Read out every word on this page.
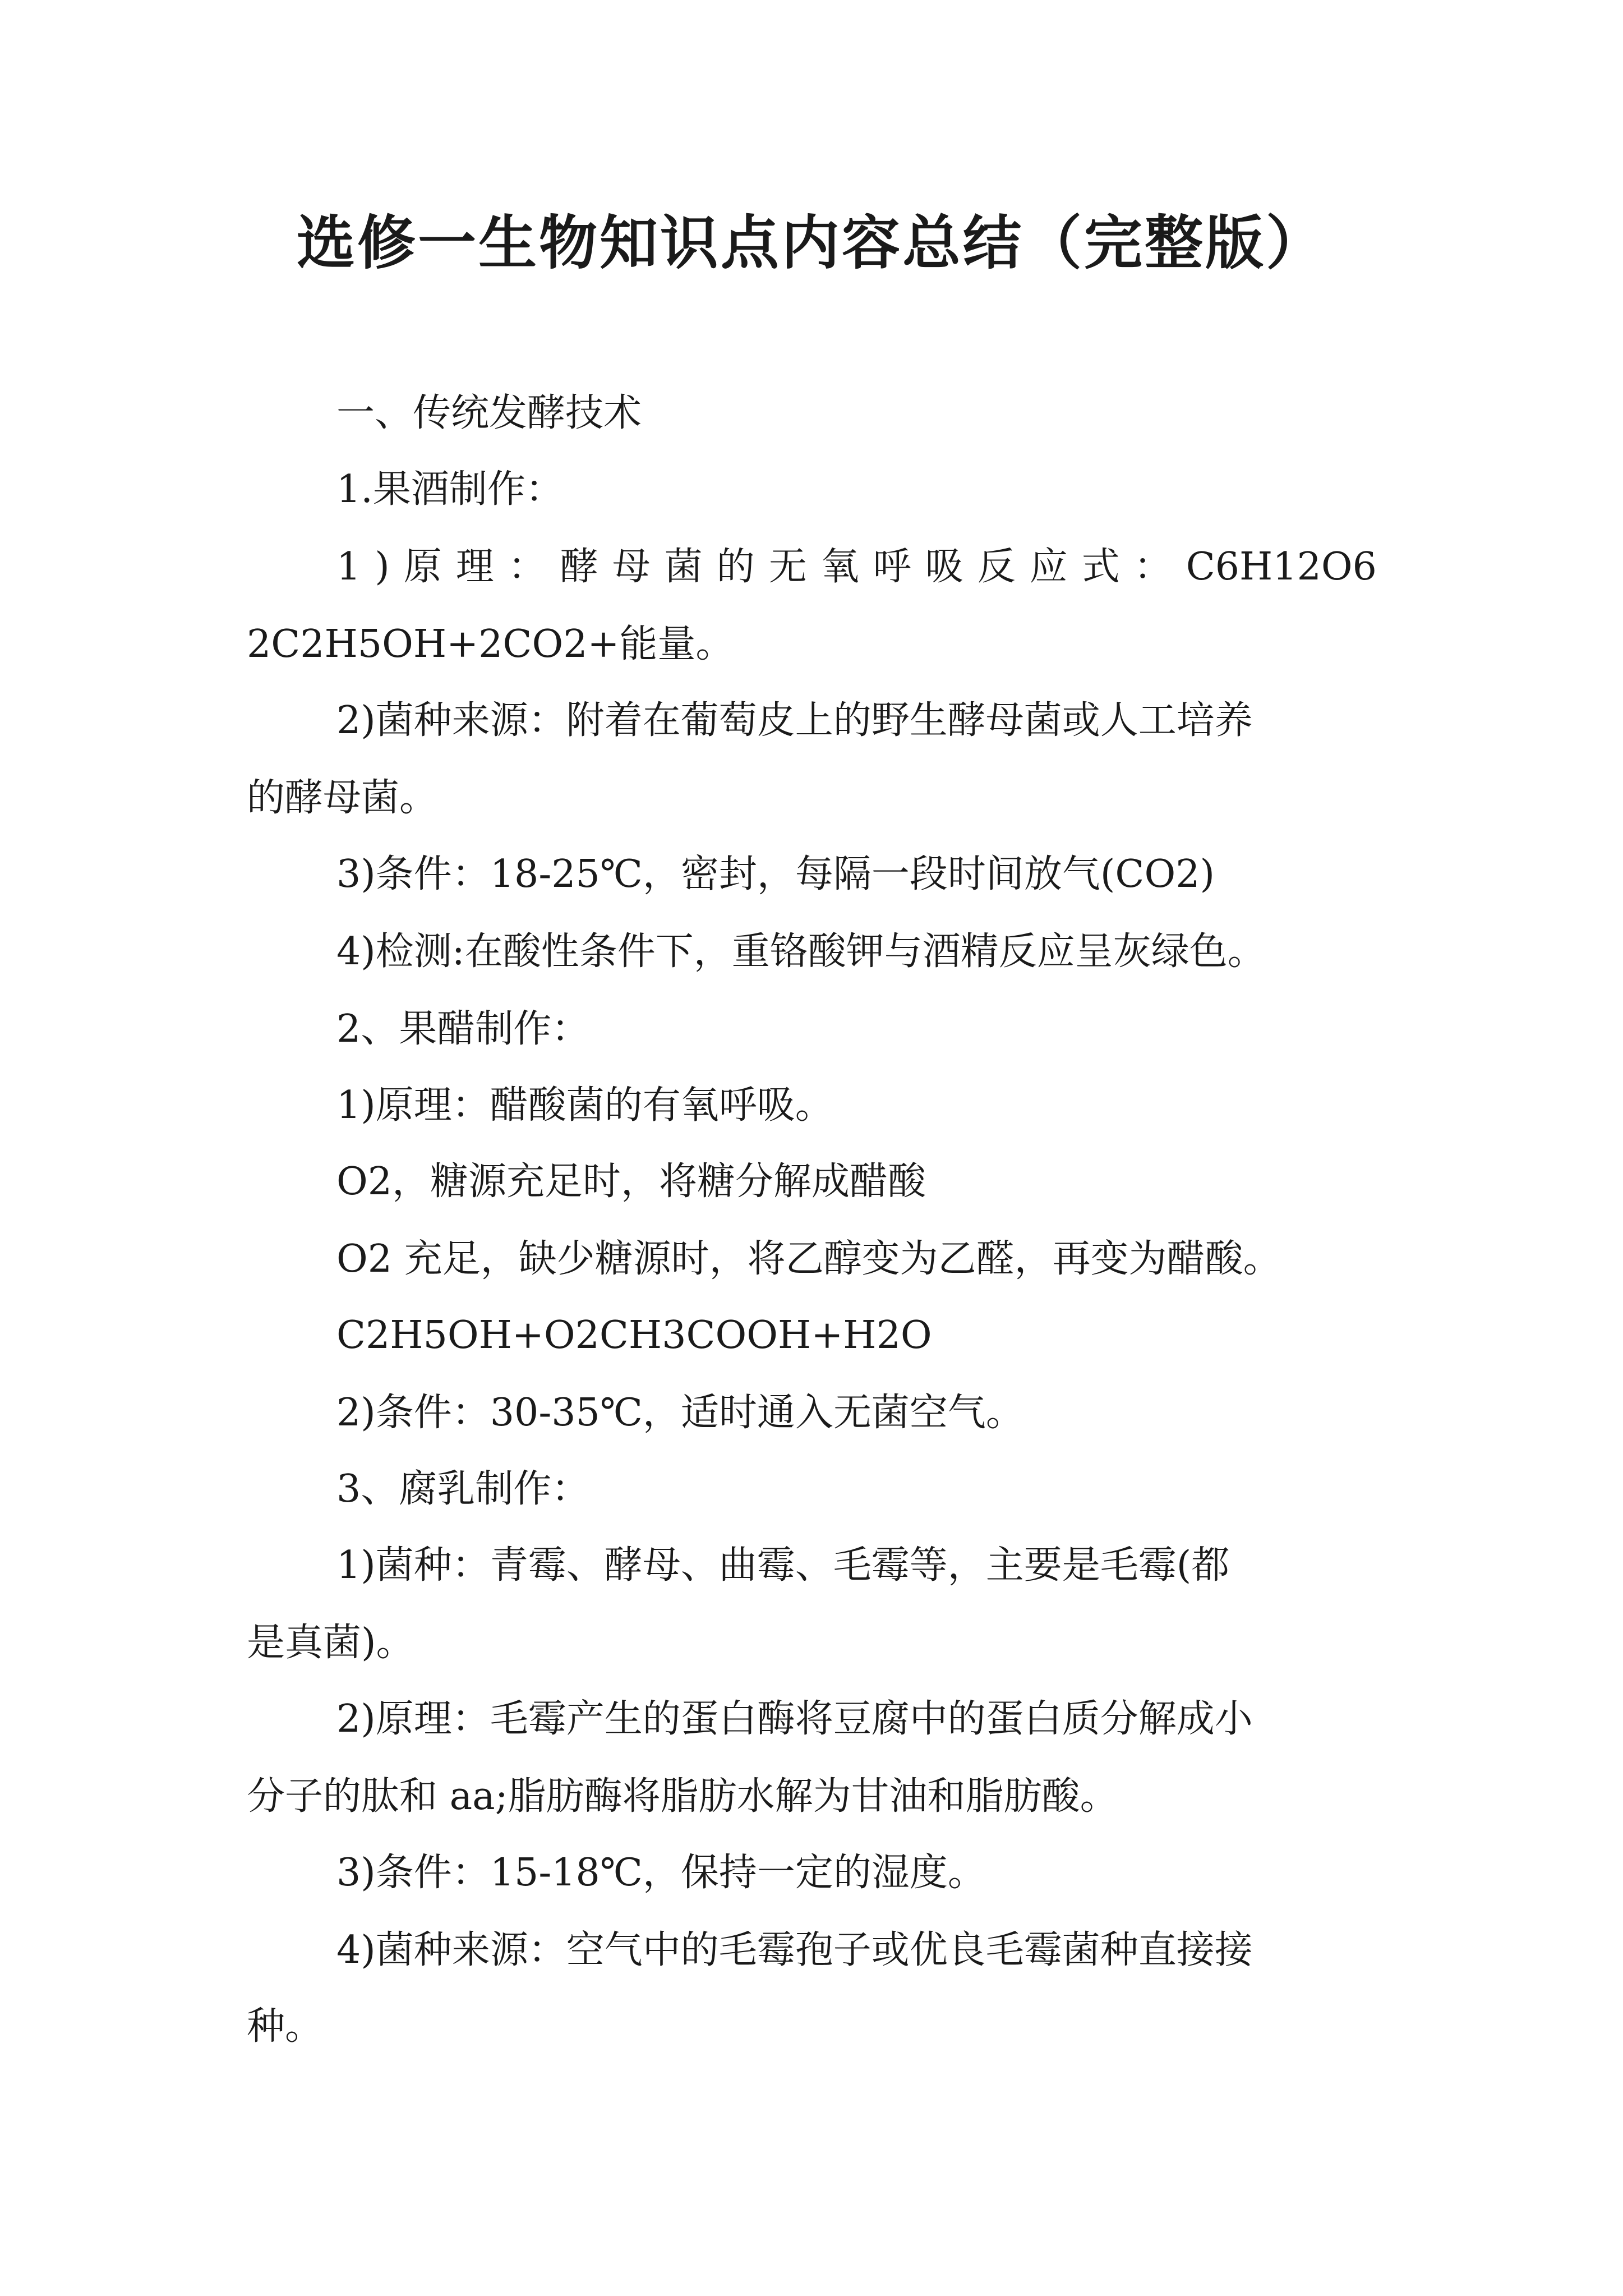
选修一生物知识点内容总结（完整版）
一、传统发酵技术
1.果酒制作：
1 ) 原 理 ： 酵 母 菌 的 无 氧 呼 吸 反 应 式 ： C6H12O6
2C2H5OH+2CO2+能量。
2)菌种来源：附着在葡萄皮上的野生酵母菌或人工培养
的酵母菌。
3)条件：18-25℃，密封，每隔一段时间放气(CO2)
4)检测:在酸性条件下，重铬酸钾与酒精反应呈灰绿色。
2、果醋制作：
1)原理：醋酸菌的有氧呼吸。
O2，糖源充足时，将糖分解成醋酸
O2 充足，缺少糖源时，将乙醇变为乙醛，再变为醋酸。
C2H5OH+O2CH3COOH+H2O
2)条件：30-35℃，适时通入无菌空气。
3、腐乳制作：
1)菌种：青霉、酵母、曲霉、毛霉等，主要是毛霉(都
是真菌)。
2)原理：毛霉产生的蛋白酶将豆腐中的蛋白质分解成小
分子的肽和 aa;脂肪酶将脂肪水解为甘油和脂肪酸。
3)条件：15-18℃，保持一定的湿度。
4)菌种来源：空气中的毛霉孢子或优良毛霉菌种直接接
种。
